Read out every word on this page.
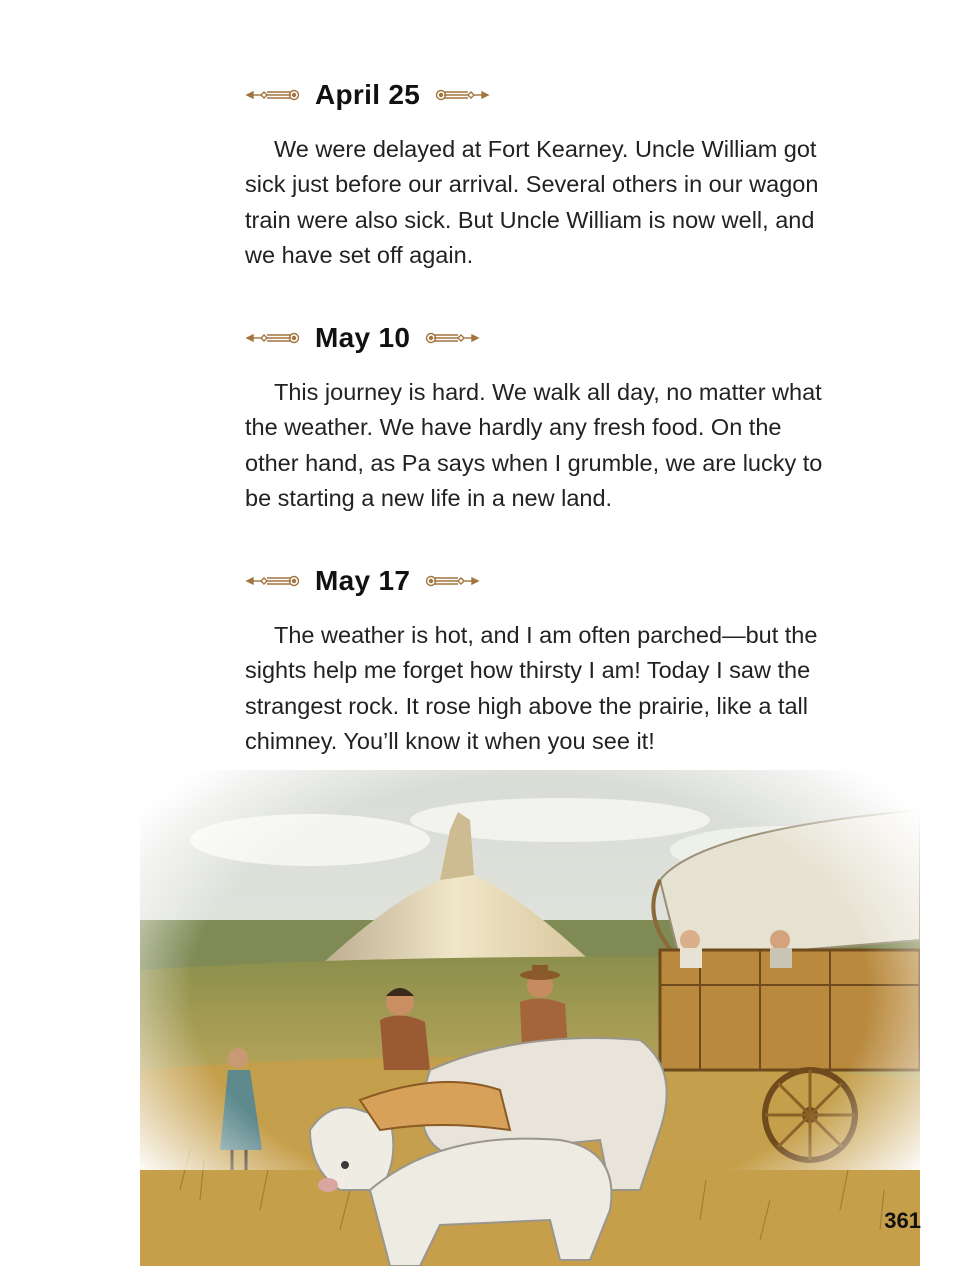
April 25

We were delayed at Fort Kearney. Uncle William got sick just before our arrival. Several others in our wagon train were also sick. But Uncle William is now well, and we have set off again.

May 10

This journey is hard. We walk all day, no matter what the weather. We have hardly any fresh food. On the other hand, as Pa says when I grumble, we are lucky to be starting a new life in a new land.

May 17

The weather is hot, and I am often parched—but the sights help me forget how thirsty I am! Today I saw the strangest rock. It rose high above the prairie, like a tall chimney. You’ll know it when you see it!

361
